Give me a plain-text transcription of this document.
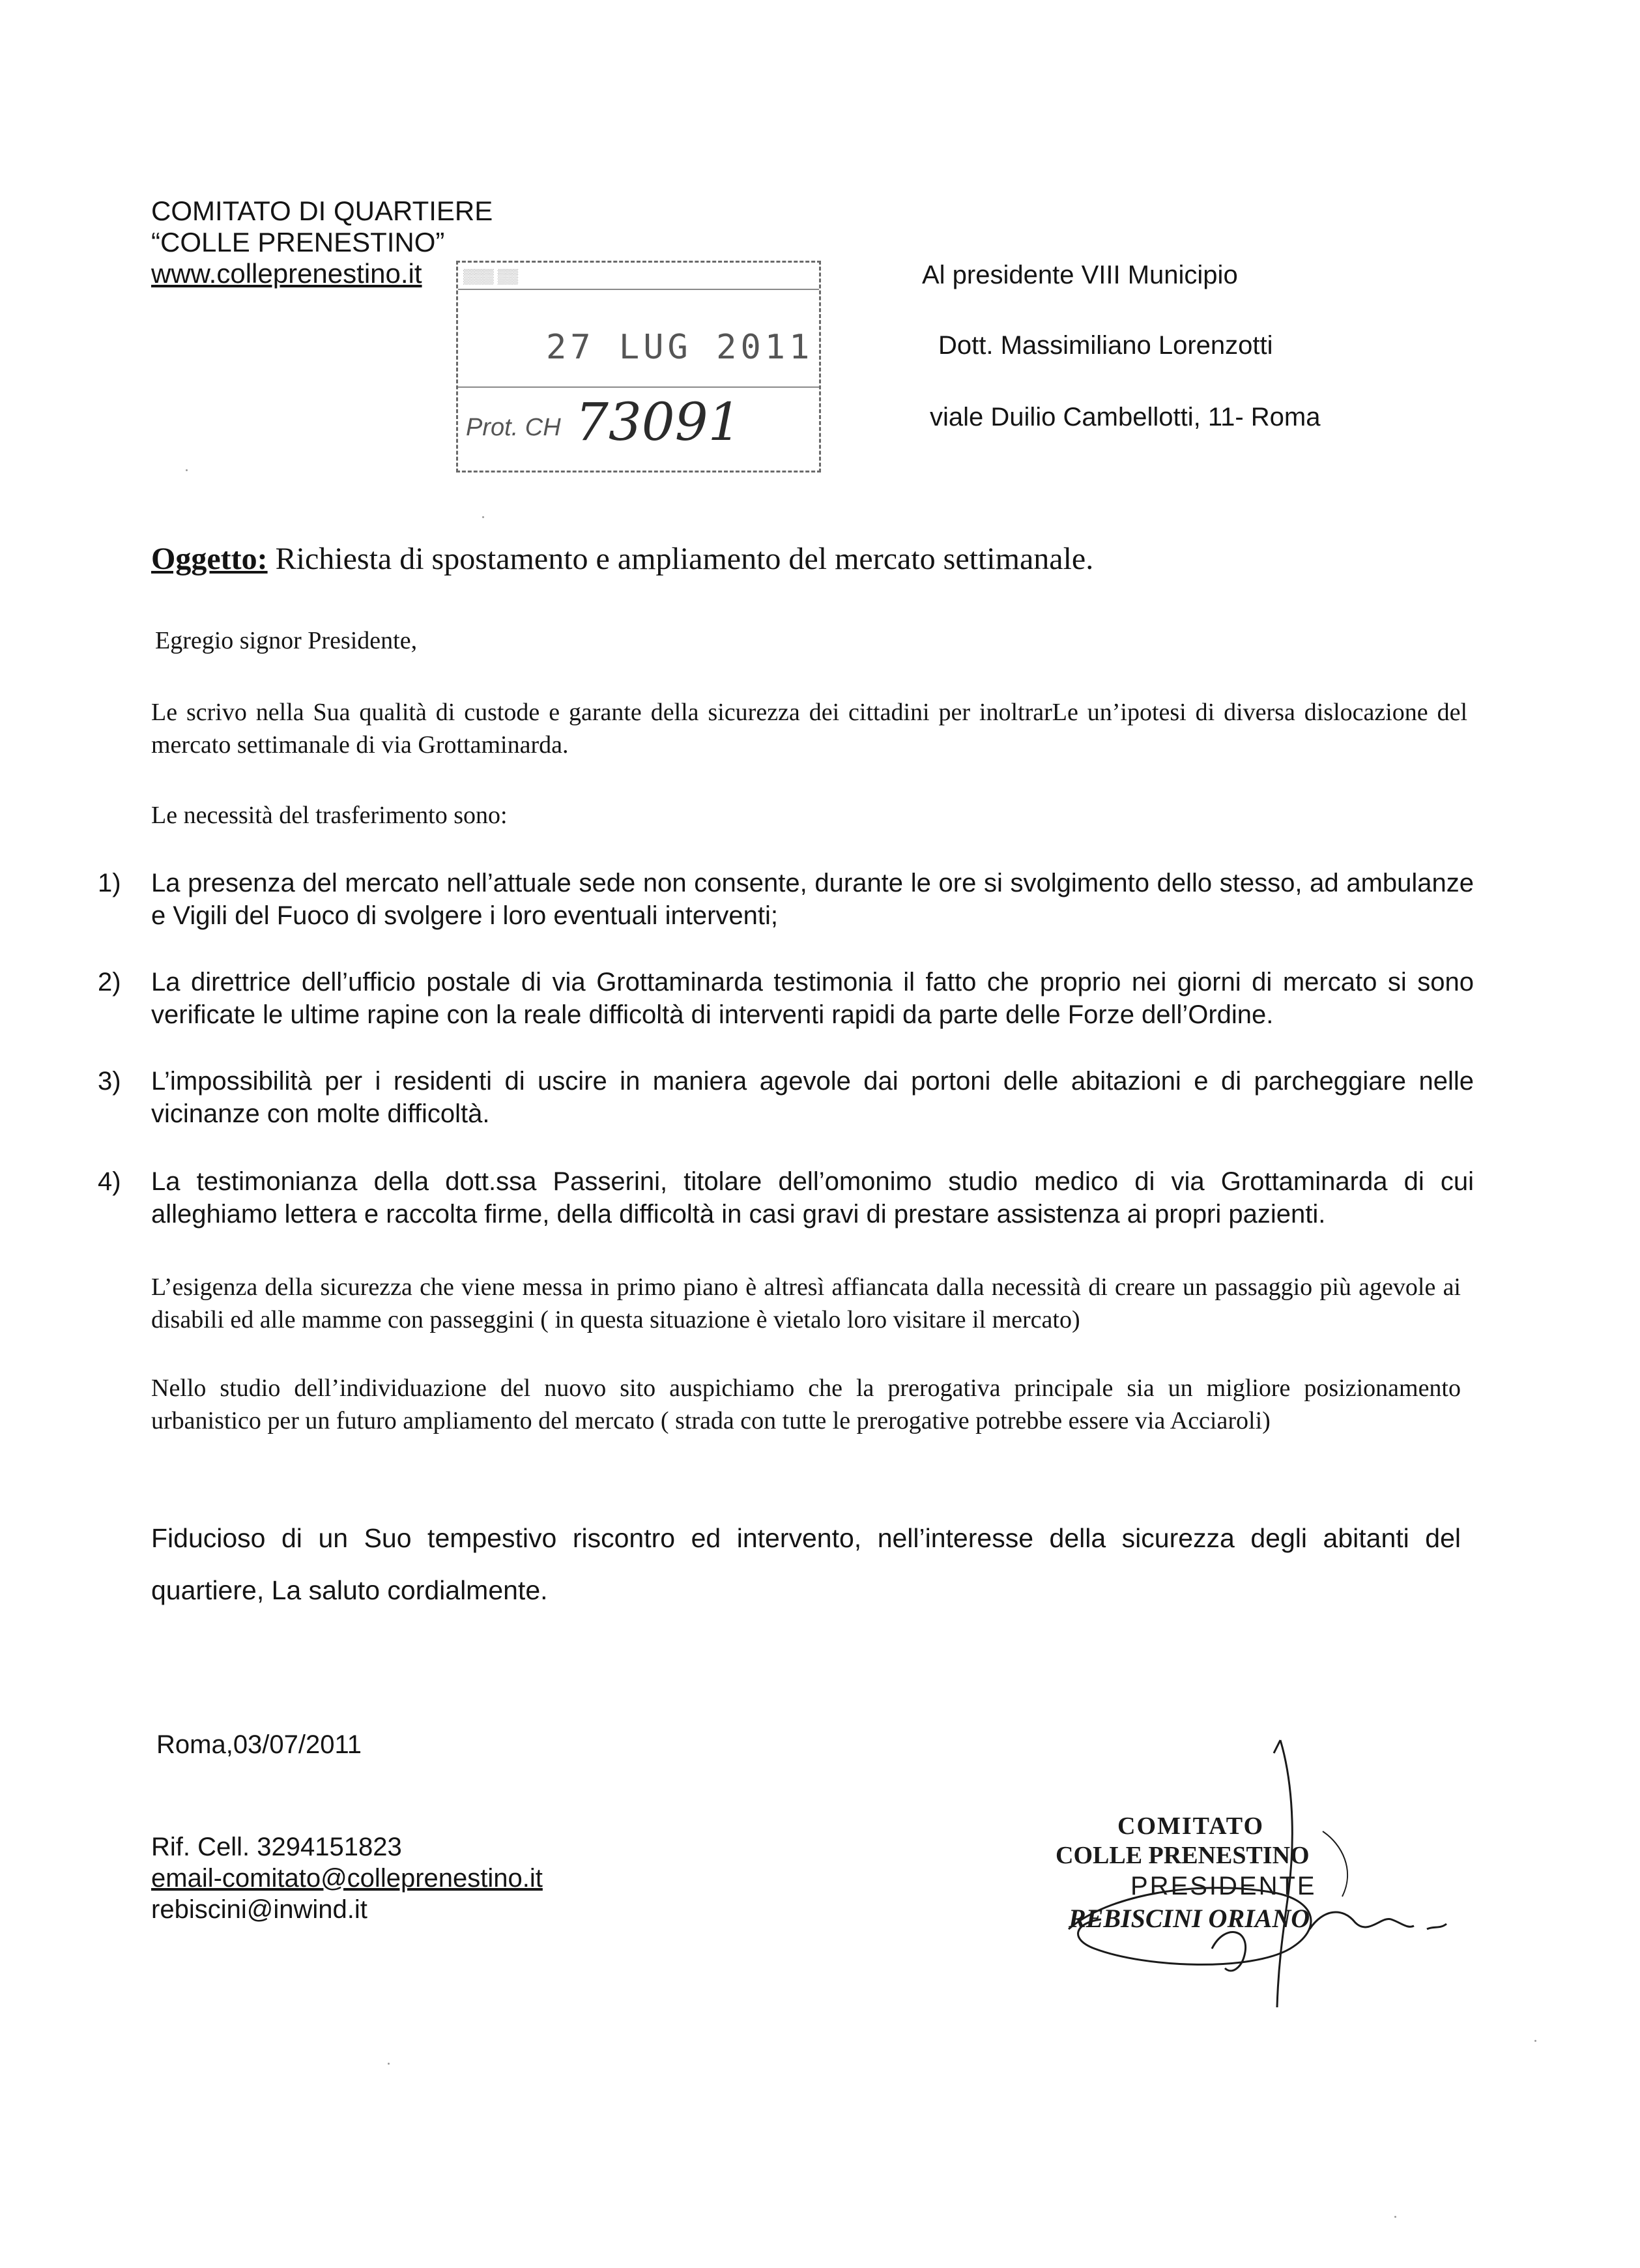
COMITATO DI QUARTIERE
“COLLE PRENESTINO”
www.colleprenestino.it	▒▒▒ ▒▒
27 LUG 2011
Prot. CH 73091
Al presidente VIII Municipio
Dott. Massimiliano Lorenzotti
viale Duilio Cambellotti, 11- Roma
Oggetto: Richiesta di spostamento e ampliamento del mercato settimanale.
Egregio signor Presidente,
Le scrivo nella Sua qualità di custode e garante della sicurezza dei cittadini per inoltrarLe un’ipotesi di diversa dislocazione del mercato settimanale di via Grottaminarda.
Le necessità del trasferimento sono:
1) La presenza del mercato nell’attuale sede non consente, durante le ore si svolgimento dello stesso, ad ambulanze e Vigili del Fuoco di svolgere i loro eventuali interventi;
2) La direttrice dell’ufficio postale di via Grottaminarda testimonia il fatto che proprio nei giorni di mercato si sono verificate le ultime rapine con la reale difficoltà di interventi rapidi da parte delle Forze dell’Ordine.
3) L’impossibilità per i residenti di uscire in maniera agevole dai portoni delle abitazioni e di parcheggiare nelle vicinanze con molte difficoltà.
4) La testimonianza della dott.ssa Passerini, titolare dell’omonimo studio medico di via Grottaminarda di cui alleghiamo lettera e raccolta firme, della difficoltà in casi gravi di prestare assistenza ai propri pazienti.
L’esigenza della sicurezza che viene messa in primo piano è altresì affiancata dalla necessità di creare un passaggio più agevole ai disabili ed alle mamme con passeggini ( in questa situazione è vietalo loro visitare il mercato)
Nello studio dell’individuazione del nuovo sito auspichiamo che la prerogativa principale sia un migliore posizionamento urbanistico per un futuro ampliamento del mercato ( strada con tutte le prerogative potrebbe essere via Acciaroli)
Fiducioso di un Suo tempestivo riscontro ed intervento, nell’interesse della sicurezza degli abitanti del quartiere, La saluto cordialmente.
Roma,03/07/2011
Rif. Cell. 3294151823
email-comitato@colleprenestino.it
rebiscini@inwind.it
COMITATO
COLLE PRENESTINO
PRESIDENTE
REBISCINI ORIANO
